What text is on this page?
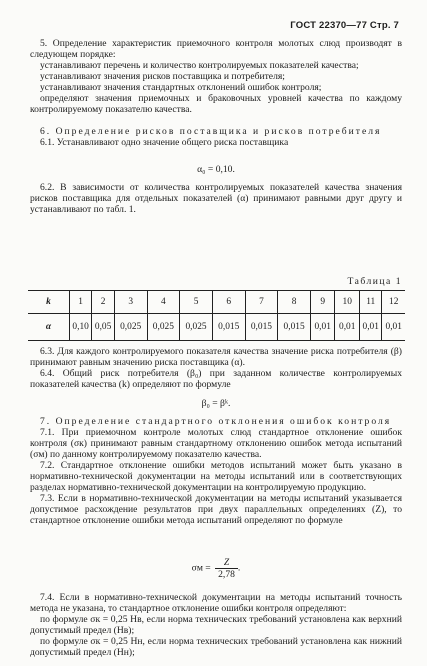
ГОСТ 22370—77 Стр. 7

5. Определение характеристик приемочного контроля молотых слюд производят в следующем порядке:

устанавливают перечень и количество контролируемых показателей качества;

устанавливают значения рисков поставщика и потребителя;

устанавливают значения стандартных отклонений ошибок контроля;

определяют значения приемочных и браковочных уровней качества по каждому контролируемому показателю качества.

6. Определение рисков поставщика и рисков потребителя

6.1. Устанавливают одно значение общего риска поставщика

α₀ = 0,10.

6.2. В зависимости от количества контролируемых показателей качества значения рисков поставщика для отдельных показателей (α) принимают равными друг другу и устанавливают по табл. 1.

Таблица 1
k	1	2	3	4	5	6	7	8	9	10	11	12
α	0,10	0,05	0,025	0,025	0,025	0,015	0,015	0,015	0,01	0,01	0,01	0,01

6.3. Для каждого контролируемого показателя качества значение риска потребителя (β) принимают равным значению риска поставщика (α).

6.4. Общий риск потребителя (β₀) при заданном количестве контролируемых показателей качества (k) определяют по формуле

β₀ = βᵏ.

7. Определение стандартного отклонения ошибок контроля

7.1. При приемочном контроле молотых слюд стандартное отклонение ошибок контроля (σк) принимают равным стандартному отклонению ошибок метода испытаний (σм) по данному контролируемому показателю качества.

7.2. Стандартное отклонение ошибки методов испытаний может быть указано в нормативно-технической документации на методы испытаний или в соответствующих разделах нормативно-технической документации на контролируемую продукцию.

7.3. Если в нормативно-технической документации на методы испытаний указывается допустимое расхождение результатов при двух параллельных определениях (Z), то стандартное отклонение ошибки метода испытаний определяют по формуле

$\sigma м = \frac{Z}{2,78}$ .

7.4. Если в нормативно-технической документации на методы испытаний точность метода не указана, то стандартное отклонение ошибки контроля определяют:

по формуле σк = 0,25 Нв, если норма технических требований установлена как верхний допустимый предел (Нв);

по формуле σк = 0,25 Нн, если норма технических требований установлена как нижний допустимый предел (Нн);
